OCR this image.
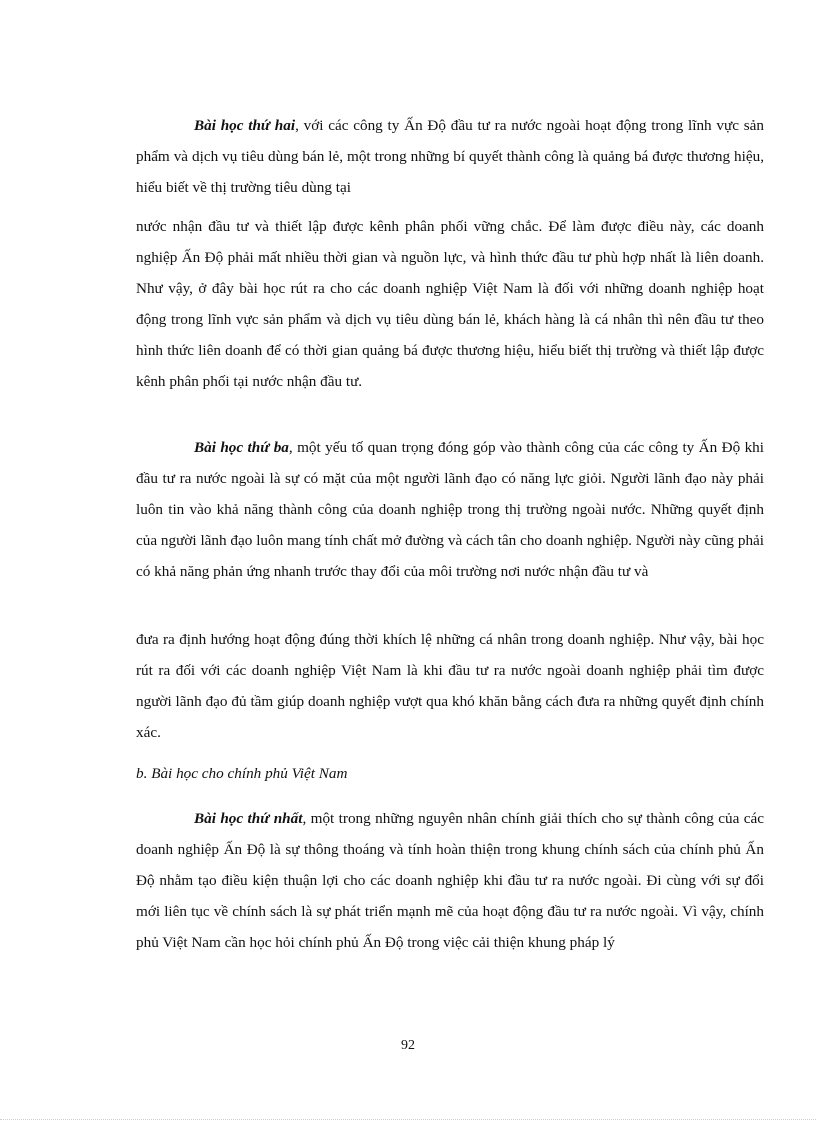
Bài học thứ hai, với các công ty Ấn Độ đầu tư ra nước ngoài hoạt động trong lĩnh vực sản phẩm và dịch vụ tiêu dùng bán lẻ, một trong những bí quyết thành công là quảng bá được thương hiệu, hiểu biết về thị trường tiêu dùng tại

nước nhận đầu tư và thiết lập được kênh phân phối vững chắc. Để làm được điều này, các doanh nghiệp Ấn Độ phải mất nhiều thời gian và nguồn lực, và hình thức đầu tư phù hợp nhất là liên doanh. Như vậy, ở đây bài học rút ra cho các doanh nghiệp Việt Nam là đối với những doanh nghiệp hoạt động trong lĩnh vực sản phẩm và dịch vụ tiêu dùng bán lẻ, khách hàng là cá nhân thì nên đầu tư theo hình thức liên doanh để có thời gian quảng bá được thương hiệu, hiểu biết thị trường và thiết lập được kênh phân phối tại nước nhận đầu tư.

Bài học thứ ba, một yếu tố quan trọng đóng góp vào thành công của các công ty Ấn Độ khi đầu tư ra nước ngoài là sự có mặt của một người lãnh đạo có năng lực giỏi. Người lãnh đạo này phải luôn tin vào khả năng thành công của doanh nghiệp trong thị trường ngoài nước. Những quyết định của người lãnh đạo luôn mang tính chất mở đường và cách tân cho doanh nghiệp. Người này cũng phải có khả năng phản ứng nhanh trước thay đổi của môi trường nơi nước nhận đầu tư và

đưa ra định hướng hoạt động đúng thời khích lệ những cá nhân trong doanh nghiệp. Như vậy, bài học rút ra đối với các doanh nghiệp Việt Nam là khi đầu tư ra nước ngoài doanh nghiệp phải tìm được người lãnh đạo đủ tầm giúp doanh nghiệp vượt qua khó khăn bằng cách đưa ra những quyết định chính xác.

b. Bài học cho chính phủ Việt Nam

Bài học thứ nhất, một trong những nguyên nhân chính giải thích cho sự thành công của các doanh nghiệp Ấn Độ là sự thông thoáng và tính hoàn thiện trong khung chính sách của chính phủ Ấn Độ nhằm tạo điều kiện thuận lợi cho các doanh nghiệp khi đầu tư ra nước ngoài. Đi cùng với sự đổi mới liên tục về chính sách là sự phát triển mạnh mẽ của hoạt động đầu tư ra nước ngoài. Vì vậy, chính phủ Việt Nam cần học hỏi chính phủ Ấn Độ trong việc cải thiện khung pháp lý

92
